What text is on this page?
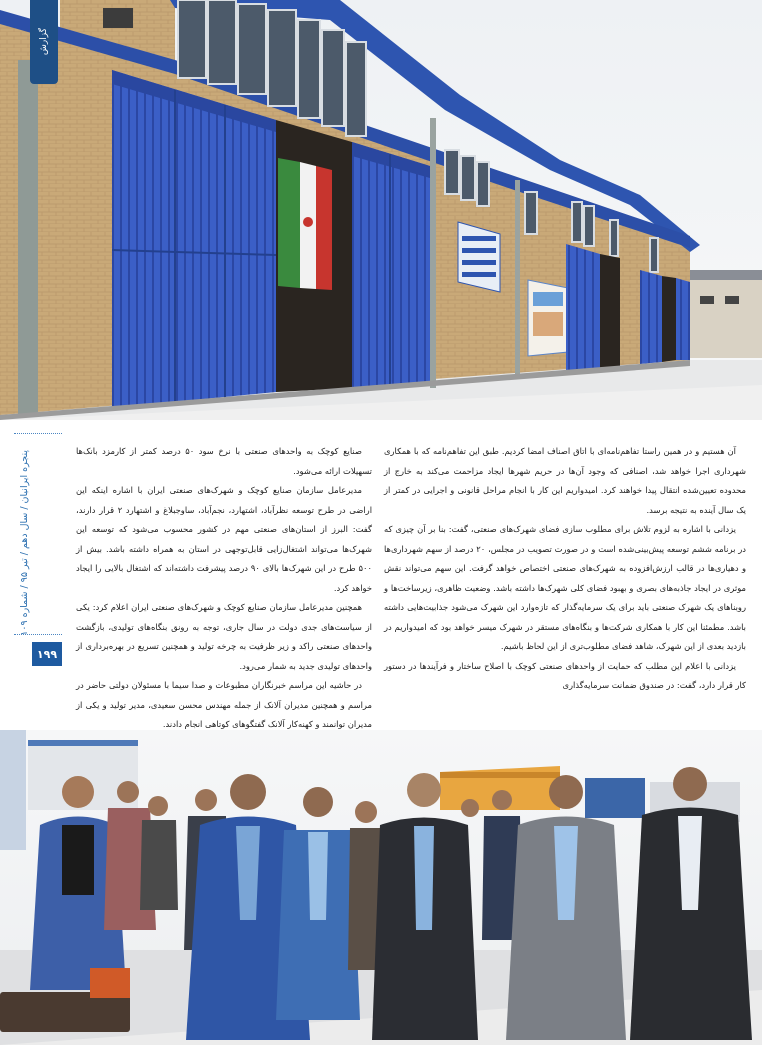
گزارش
پنجره ایرانیان / سال دهم / تیر ۹۵ / شماره ۱۰۹
۱۹۹

آن هستیم و در همین راستا تفاهم‌نامه‌ای با اتاق اصناف امضا کردیم. طبق این تفاهم‌نامه که با همکاری شهرداری اجرا خواهد شد، اصنافی که وجود آن‌ها در حریم شهرها ایجاد مزاحمت می‌کند به خارج از محدوده تعیین‌شده انتقال پیدا خواهند کرد. امیدواریم این کار با انجام مراحل قانونی و اجرایی در کمتر از یک سال آینده به نتیجه برسد.

یزدانی با اشاره به لزوم تلاش برای مطلوب سازی فضای شهرک‌های صنعتی، گفت: بنا بر آن چیزی که در برنامه ششم توسعه پیش‌بینی‌شده است و در صورت تصویب در مجلس، ۲۰ درصد از سهم شهرداری‌ها و دهیاری‌ها در قالب ارزش‌افزوده به شهرک‌های صنعتی اختصاص خواهد گرفت. این سهم می‌تواند نقش موثری در ایجاد جاذبه‌های بصری و بهبود فضای کلی شهرک‌ها داشته باشد. وضعیت ظاهری، زیرساخت‌ها و روبناهای یک شهرک صنعتی باید برای یک سرمایه‌گذار که تازه‌وارد این شهرک می‌شود جذابیت‌هایی داشته باشد. مطمئنا این کار با همکاری شرکت‌ها و بنگاه‌های مستقر در شهرک میسر خواهد بود که امیدواریم در بازدید بعدی از این شهرک، شاهد فضای مطلوب‌تری از این لحاظ باشیم.

یزدانی با اعلام این مطلب که حمایت از واحدهای صنعتی کوچک با اصلاح ساختار و فرآیندها در دستور کار قرار دارد، گفت: در صندوق ضمانت سرمایه‌گذاری

صنایع کوچک به واحدهای صنعتی با نرخ سود ۵۰ درصد کمتر از کارمزد بانک‌ها تسهیلات ارائه می‌شود.

مدیرعامل سازمان صنایع کوچک و شهرک‌های صنعتی ایران با اشاره اینکه این اراضی در طرح توسعه نظرآباد، اشتهارد، نجم‌آباد، ساوجبلاغ و اشتهارد ۲ قرار دارند، گفت: البرز از استان‌های صنعتی مهم در کشور محسوب می‌شود که توسعه این شهرک‌ها می‌تواند اشتغال‌زایی قابل‌توجهی در استان به همراه داشته باشد. بیش از ۵۰۰ طرح در این شهرک‌ها بالای ۹۰ درصد پیشرفت داشته‌اند که اشتغال بالایی را ایجاد خواهد کرد.

همچنین مدیرعامل سازمان صنایع کوچک و شهرک‌های صنعتی ایران اعلام کرد: یکی از سیاست‌های جدی دولت در سال جاری، توجه به رونق بنگاه‌های تولیدی، بازگشت واحدهای صنعتی راکد و زیر ظرفیت به چرخه تولید و همچنین تسریع در بهره‌برداری از واحدهای تولیدی جدید به شمار می‌رود.

در حاشیه این مراسم خبرنگاران مطبوعات و صدا سیما با مسئولان دولتی حاضر در مراسم و همچنین مدیران آلانک از جمله مهندس محسن سعیدی، مدیر تولید و یکی از مدیران توانمند و کهنه‌کار آلانک گفتگوهای کوتاهی انجام دادند.
